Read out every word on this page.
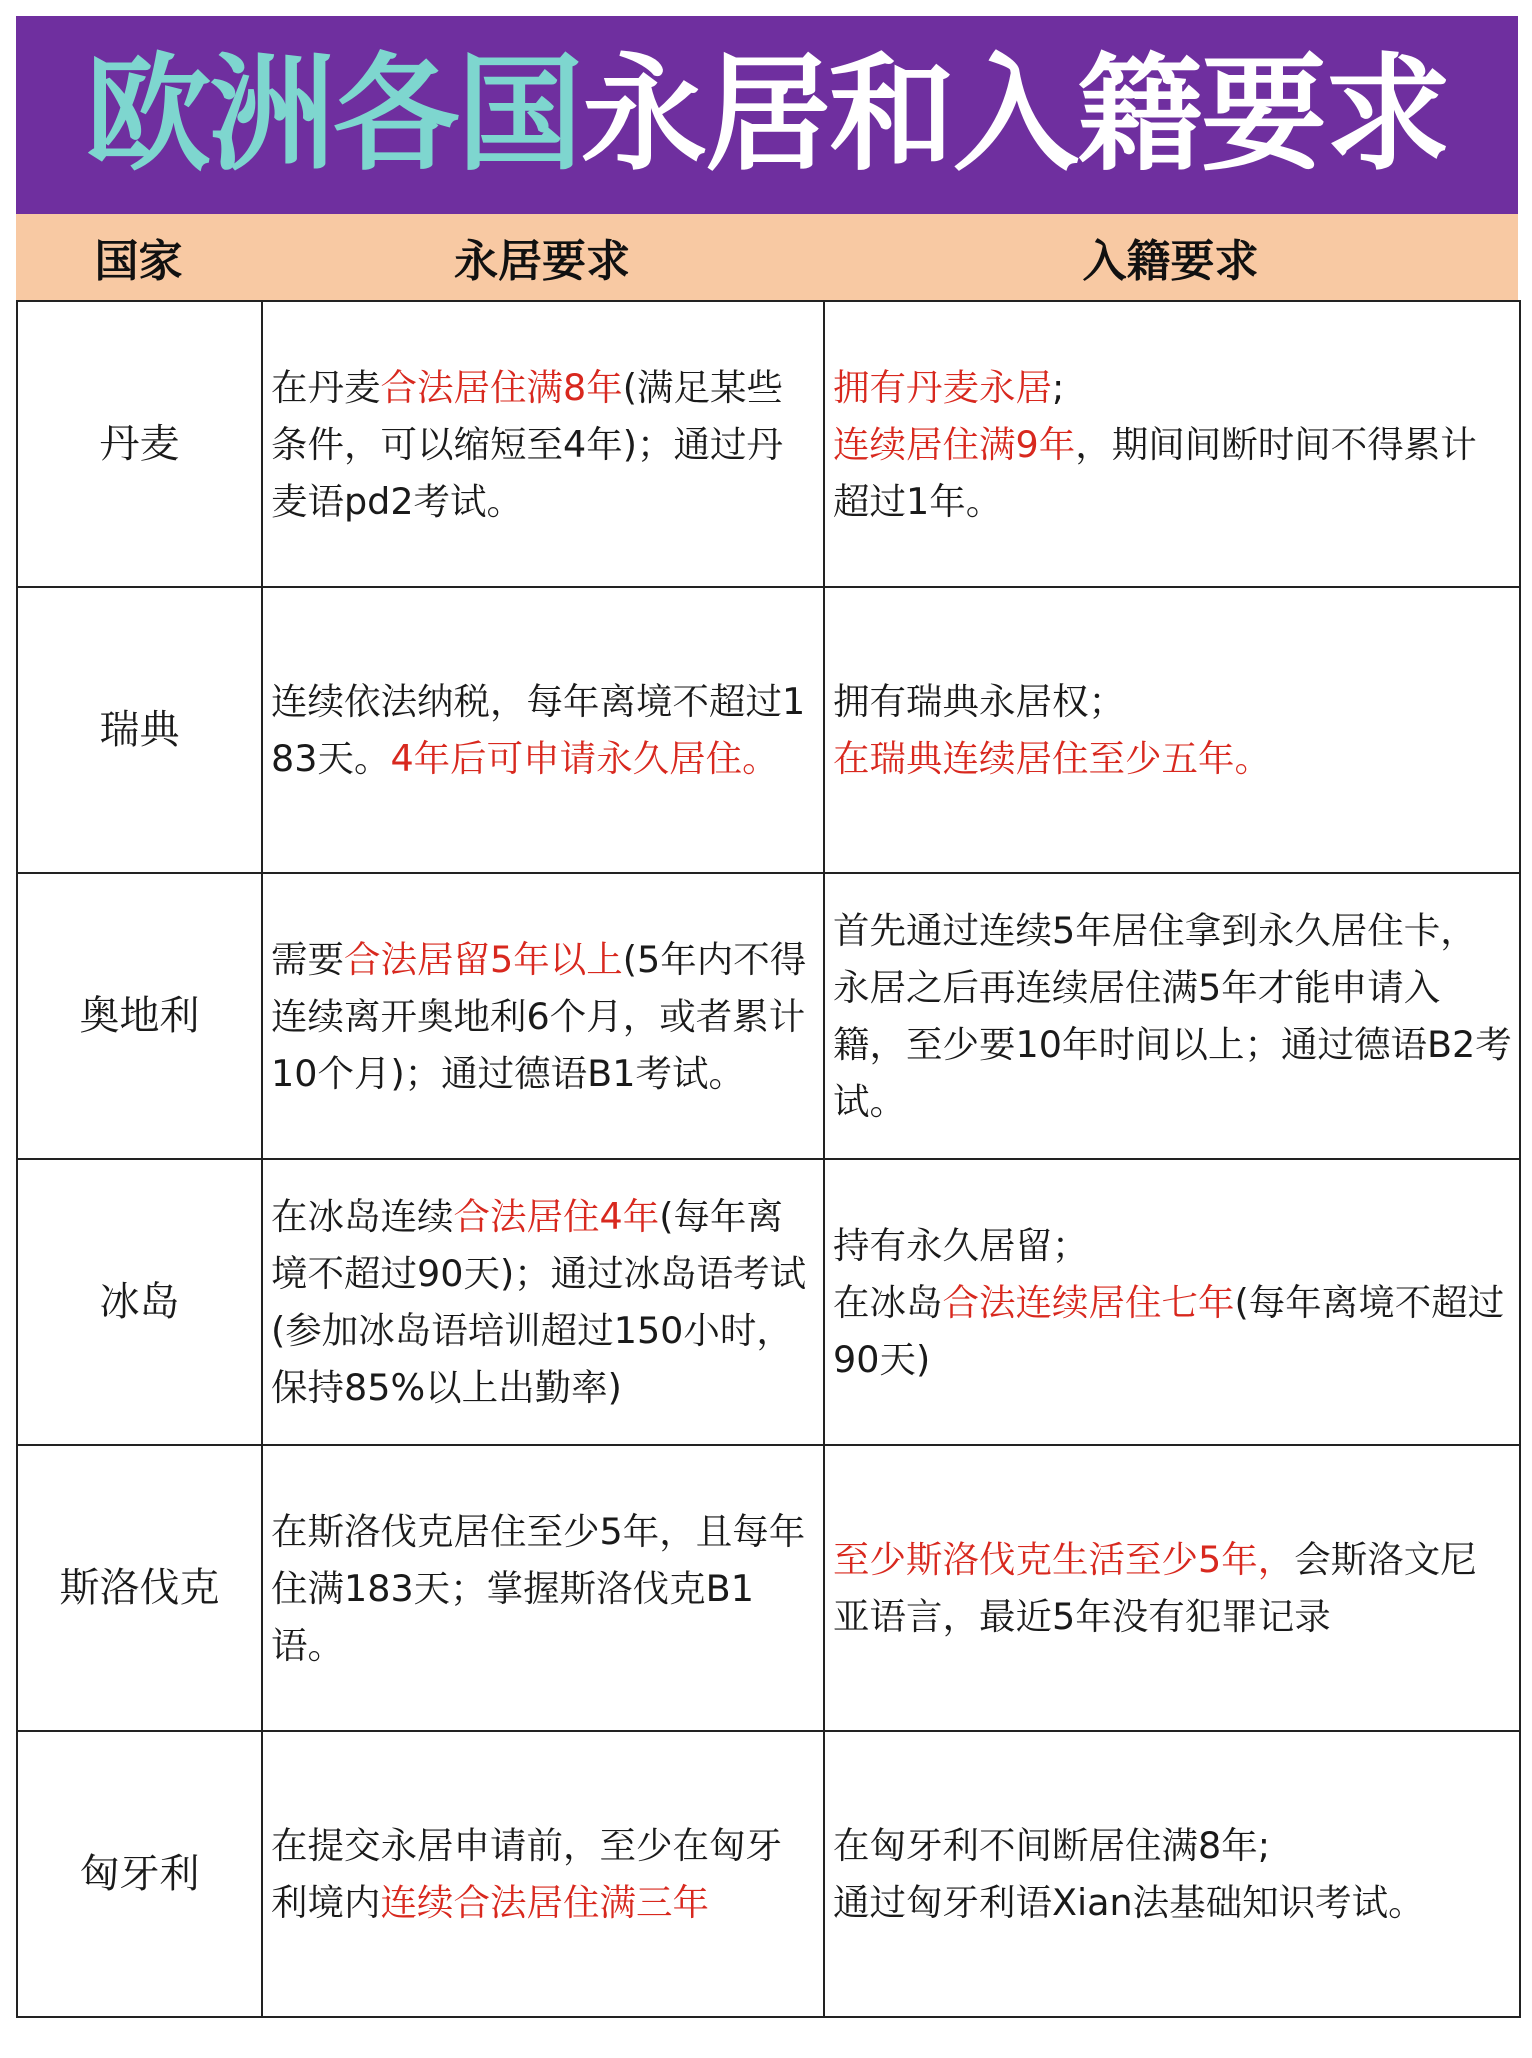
欧洲各国永居和入籍要求
国家	永居要求	入籍要求
丹麦	在丹麦合法居住满8年(满足某些条件，可以缩短至4年)；通过丹麦语pd2考试。	拥有丹麦永居;
连续居住满9年，期间间断时间不得累计超过1年。
瑞典	连续依法纳税，每年离境不超过183天。4年后可申请永久居住。	拥有瑞典永居权；
在瑞典连续居住至少五年。
奥地利	需要合法居留5年以上(5年内不得连续离开奥地利6个月，或者累计10个月)；通过德语B1考试。	首先通过连续5年居住拿到永久居住卡，永居之后再连续居住满5年才能申请入籍，至少要10年时间以上；通过德语B2考试。
冰岛	在冰岛连续合法居住4年(每年离境不超过90天)；通过冰岛语考试(参加冰岛语培训超过150小时，保持85%以上出勤率)	持有永久居留；
在冰岛合法连续居住七年(每年离境不超过90天)
斯洛伐克	在斯洛伐克居住至少5年，且每年住满183天；掌握斯洛伐克B1语。	至少斯洛伐克生活至少5年，会斯洛文尼亚语言，最近5年没有犯罪记录
匈牙利	在提交永居申请前，至少在匈牙利境内连续合法居住满三年	在匈牙利不间断居住满8年;
通过匈牙利语Xian法基础知识考试。
